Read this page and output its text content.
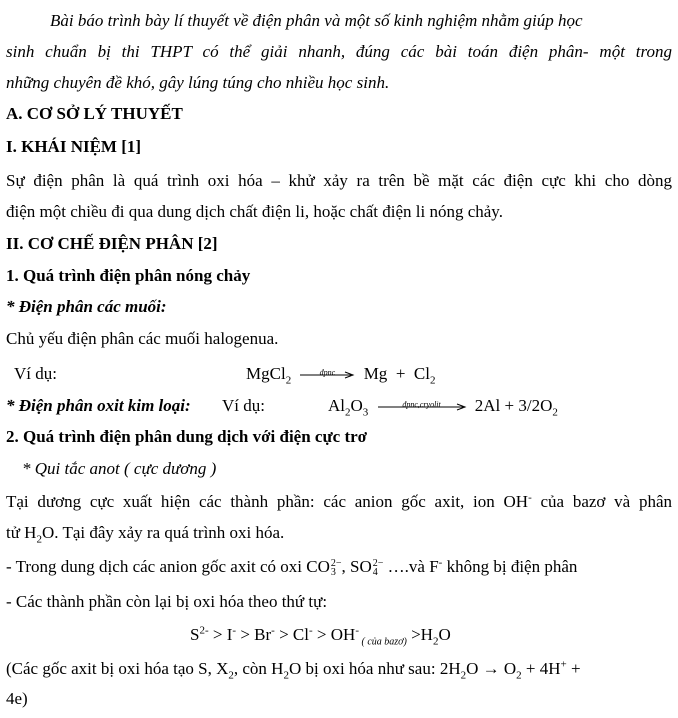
Bài báo trình bày lí thuyết về điện phân và một số kinh nghiệm nhằm giúp học
sinh chuẩn bị thi THPT có thể giải nhanh, đúng các bài toán điện phân- một trong
những chuyên đề khó, gây lúng túng cho nhiều học sinh.
A. CƠ SỞ LÝ THUYẾT
I. KHÁI NIỆM [1]
Sự điện phân là quá trình oxi hóa – khử xảy ra trên bề mặt các điện cực khi cho dòng
điện một chiều đi qua dung dịch chất điện li, hoặc chất điện li nóng chảy.
II. CƠ CHẾ ĐIỆN PHÂN [2]
1. Quá trình điện phân nóng chảy
* Điện phân các muối:
Chủ yếu điện phân các muối halogenua.
Ví dụ:	MgCl$_2$
đpnc	$Mg + Cl_2$
* Điện phân oxit kim loại: Ví dụ:	$Al_2O_3$
đpnc,cryolit	$2Al + 3/2O_2$
2. Quá trình điện phân dung dịch với điện cực trơ
* Qui tắc anot ( cực dương )
Tại dương cực xuất hiện các thành phần: các anion gốc axit, ion OH- của bazơ và phân
tử $H_2O$. Tại đây xảy ra quá trình oxi hóa.
- Trong dung dịch các anion gốc axit có oxi CO 2−
3 , SO 2−
4 ….và F- không bị điện phân
- Các thành phần còn lại bị oxi hóa theo thứ tự:
$S^{2-} > I^- > Br^- > Cl^- > OH^-$ $_{( của bazơ)} >H_2O$
(Các gốc axit bị oxi hóa tạo S, $X_2$, còn $H_2O$ bị oxi hóa như sau: $2H_2O \to O_2 + 4H^+$ +
4e)
